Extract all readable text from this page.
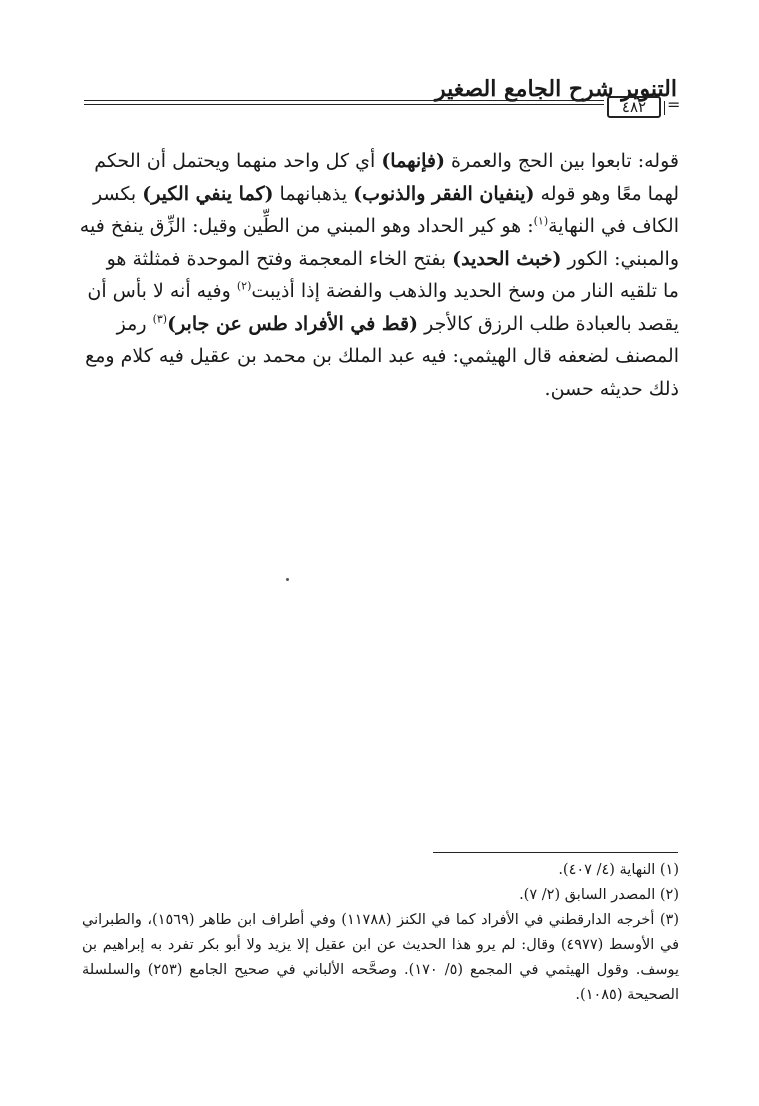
التنوير شرح الجامع الصغير
٤٨٢	=
قوله: تابعوا بين الحج والعمرة (فإنهما) أي كل واحد منهما ويحتمل أن الحكم
لهما معًا وهو قوله (ينفيان الفقر والذنوب) يذهبانهما (كما ينفي الكير) بكسر
الكاف في النهاية$^{(١)}$: هو كير الحداد وهو المبني من الطِّين وقيل: الزِّق ينفخ فيه
والمبني: الكور (خبث الحديد) بفتح الخاء المعجمة وفتح الموحدة فمثلثة هو
ما تلقيه النار من وسخ الحديد والذهب والفضة إذا أذيبت$^{(٢)}$ وفيه أنه لا بأس أن
يقصد بالعبادة طلب الرزق كالأجر (قط في الأفراد طس عن جابر)$^{(٣)}$ رمز
المصنف لضعفه قال الهيثمي: فيه عبد الملك بن محمد بن عقيل فيه كلام ومع
ذلك حديثه حسن.
(١) النهاية (٤/ ٤٠٧).
(٢) المصدر السابق (٢/ ٧).
(٣) أخرجه الدارقطني في الأفراد كما في الكنز (١١٧٨٨) وفي أطراف ابن طاهر (١٥٦٩)، والطبراني في الأوسط (٤٩٧٧) وقال: لم يرو هذا الحديث عن ابن عقيل إلا يزيد ولا أبو بكر تفرد به إبراهيم بن يوسف. وقول الهيثمي في المجمع (٥/ ١٧٠). وصحَّحه الألباني في صحيح الجامع (٢٥٣) والسلسلة الصحيحة (١٠٨٥).
